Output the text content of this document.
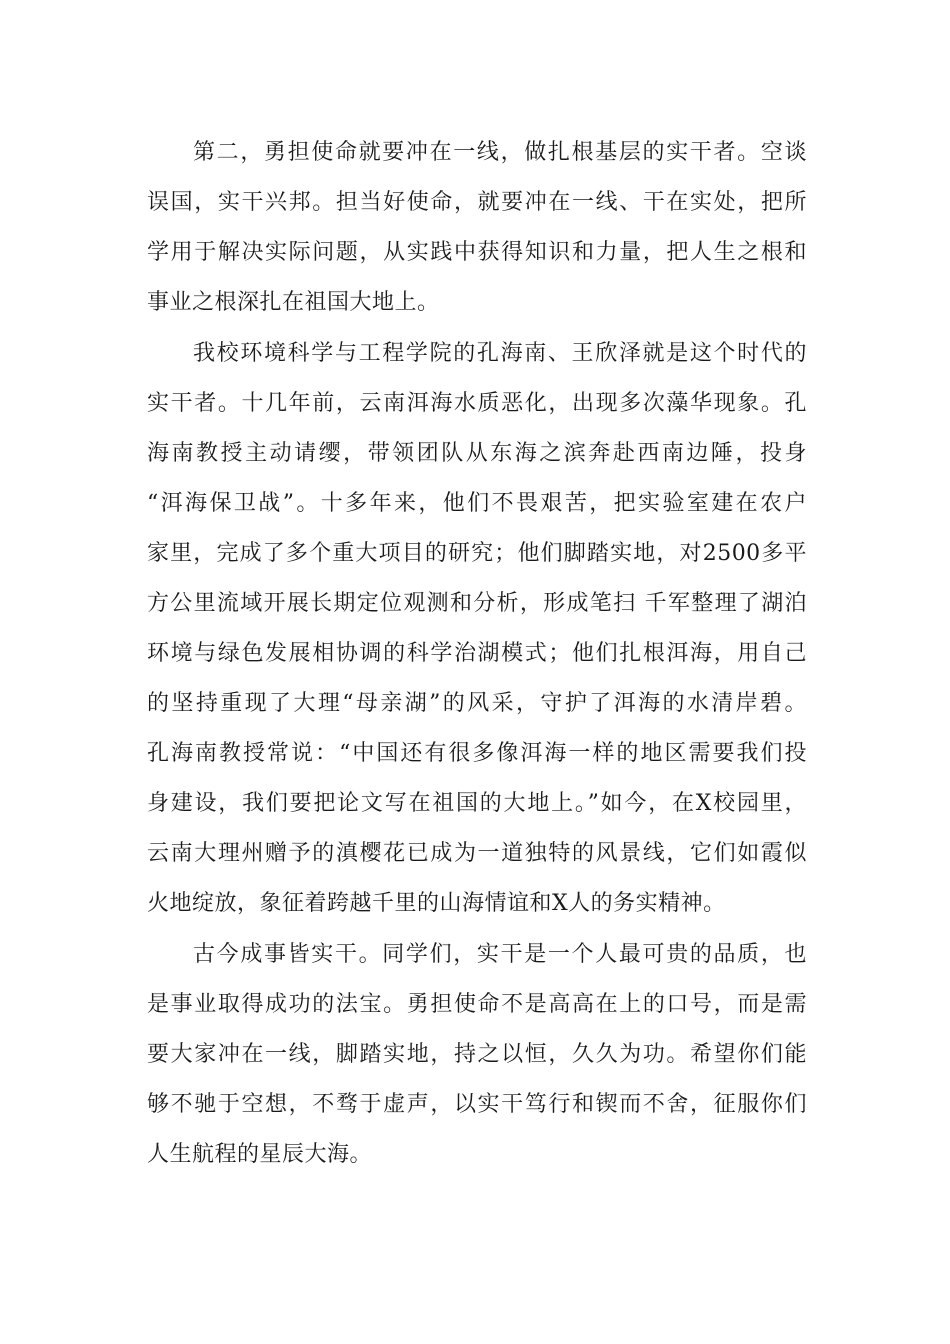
第二，勇担使命就要冲在一线，做扎根基层的实干者。空谈
误国，实干兴邦。担当好使命，就要冲在一线、干在实处，把所
学用于解决实际问题，从实践中获得知识和力量，把人生之根和
事业之根深扎在祖国大地上。
我校环境科学与工程学院的孔海南、王欣泽就是这个时代的
实干者。十几年前，云南洱海水质恶化，出现多次藻华现象。孔
海南教授主动请缨，带领团队从东海之滨奔赴西南边陲，投身
“洱海保卫战”。十多年来，他们不畏艰苦，把实验室建在农户
家里，完成了多个重大项目的研究；他们脚踏实地，对2500多平
方公里流域开展长期定位观测和分析，形成笔扫 千军整理了湖泊
环境与绿色发展相协调的科学治湖模式；他们扎根洱海，用自己
的坚持重现了大理“母亲湖”的风采，守护了洱海的水清岸碧。
孔海南教授常说：“中国还有很多像洱海一样的地区需要我们投
身建设，我们要把论文写在祖国的大地上。”如今，在X校园里，
云南大理州赠予的滇樱花已成为一道独特的风景线，它们如霞似
火地绽放，象征着跨越千里的山海情谊和X人的务实精神。
古今成事皆实干。同学们，实干是一个人最可贵的品质，也
是事业取得成功的法宝。勇担使命不是高高在上的口号，而是需
要大家冲在一线，脚踏实地，持之以恒，久久为功。希望你们能
够不驰于空想，不骛于虚声，以实干笃行和锲而不舍，征服你们
人生航程的星辰大海。
